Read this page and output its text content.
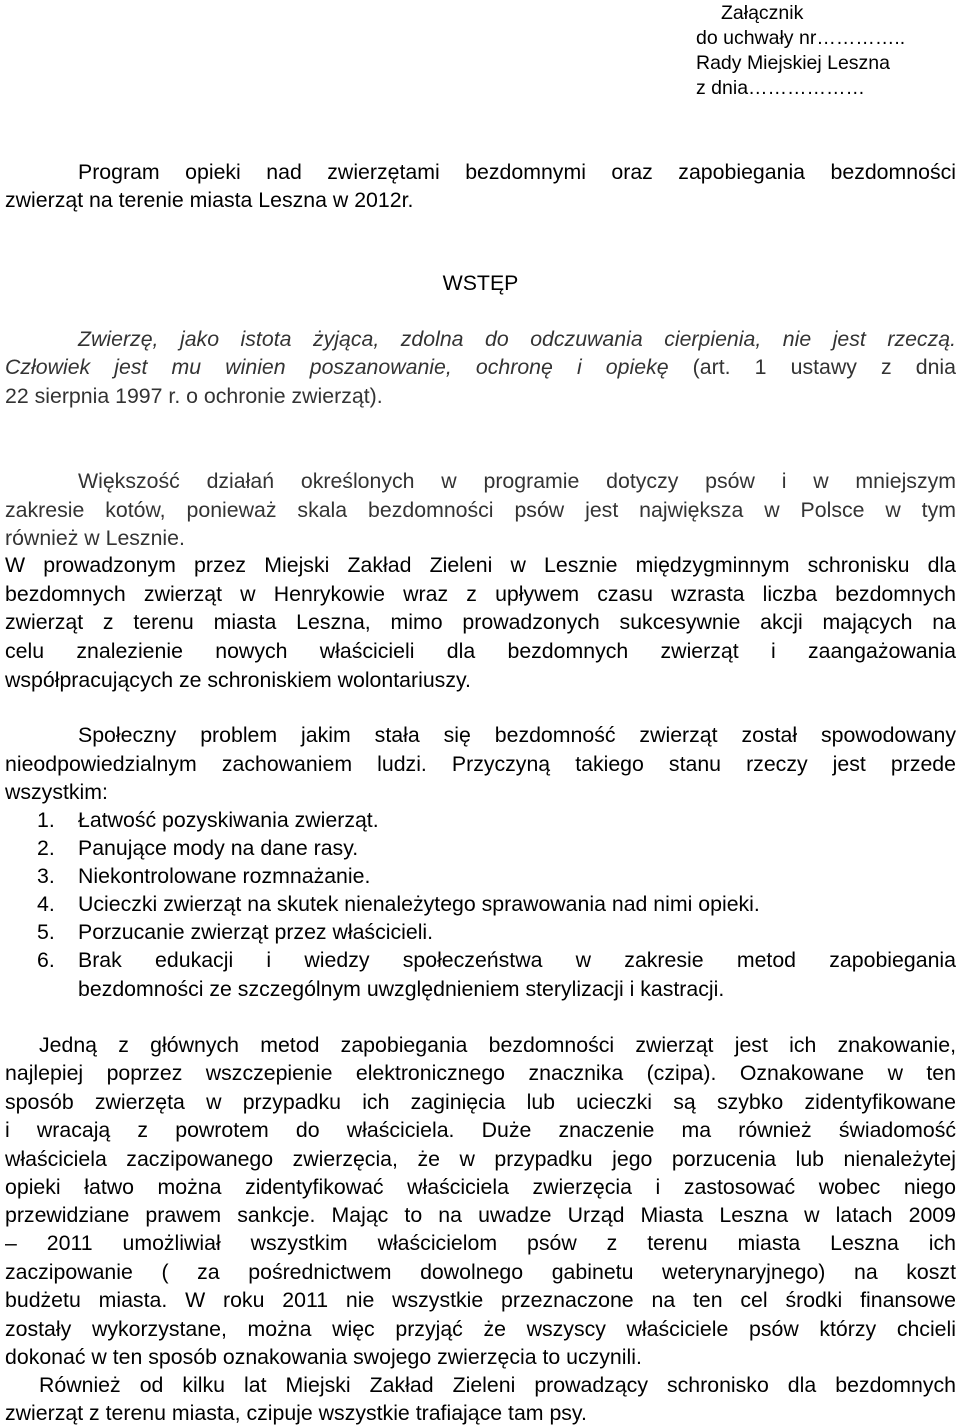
Załącznik
do uchwały nr…………..
Rady Miejskiej Leszna
z dnia………………
Program opieki nad zwierzętami bezdomnymi oraz zapobiegania bezdomności
zwierząt na terenie miasta Leszna w 2012r.
WSTĘP
Zwierzę, jako istota żyjąca, zdolna do odczuwania cierpienia, nie jest rzeczą.
Człowiek jest mu winien poszanowanie, ochronę i opiekę (art. 1 ustawy z dnia
22 sierpnia 1997 r. o ochronie zwierząt).
Większość działań określonych w programie dotyczy psów i w mniejszym
zakresie kotów, ponieważ skala bezdomności psów jest największa w Polsce w tym
również w Lesznie.
W prowadzonym przez Miejski Zakład Zieleni w Lesznie międzygminnym schronisku dla
bezdomnych zwierząt w Henrykowie wraz z upływem czasu wzrasta liczba bezdomnych
zwierząt z terenu miasta Leszna, mimo prowadzonych sukcesywnie akcji mających na
celu znalezienie nowych właścicieli dla bezdomnych zwierząt i zaangażowania
współpracujących ze schroniskiem wolontariuszy.
Społeczny problem jakim stała się bezdomność zwierząt został spowodowany
nieodpowiedzialnym zachowaniem ludzi. Przyczyną takiego stanu rzeczy jest przede
wszystkim:
1. Łatwość pozyskiwania zwierząt.
2. Panujące mody na dane rasy.
3. Niekontrolowane rozmnażanie.
4. Ucieczki zwierząt na skutek nienależytego sprawowania nad nimi opieki.
5. Porzucanie zwierząt przez właścicieli.
6. Brak edukacji i wiedzy społeczeństwa w zakresie metod zapobiegania
bezdomności ze szczególnym uwzględnieniem sterylizacji i kastracji.
Jedną z głównych metod zapobiegania bezdomności zwierząt jest ich znakowanie,
najlepiej poprzez wszczepienie elektronicznego znacznika (czipa). Oznakowane w ten
sposób zwierzęta w przypadku ich zaginięcia lub ucieczki są szybko zidentyfikowane
i wracają z powrotem do właściciela. Duże znaczenie ma również świadomość
właściciela zaczipowanego zwierzęcia, że w przypadku jego porzucenia lub nienależytej
opieki łatwo można zidentyfikować właściciela zwierzęcia i zastosować wobec niego
przewidziane prawem sankcje. Mając to na uwadze Urząd Miasta Leszna w latach 2009
– 2011 umożliwiał wszystkim właścicielom psów z terenu miasta Leszna ich
zaczipowanie ( za pośrednictwem dowolnego gabinetu weterynaryjnego) na koszt
budżetu miasta. W roku 2011 nie wszystkie przeznaczone na ten cel środki finansowe
zostały wykorzystane, można więc przyjąć że wszyscy właściciele psów którzy chcieli
dokonać w ten sposób oznakowania swojego zwierzęcia to uczynili.
Również od kilku lat Miejski Zakład Zieleni prowadzący schronisko dla bezdomnych
zwierząt z terenu miasta, czipuje wszystkie trafiające tam psy.
